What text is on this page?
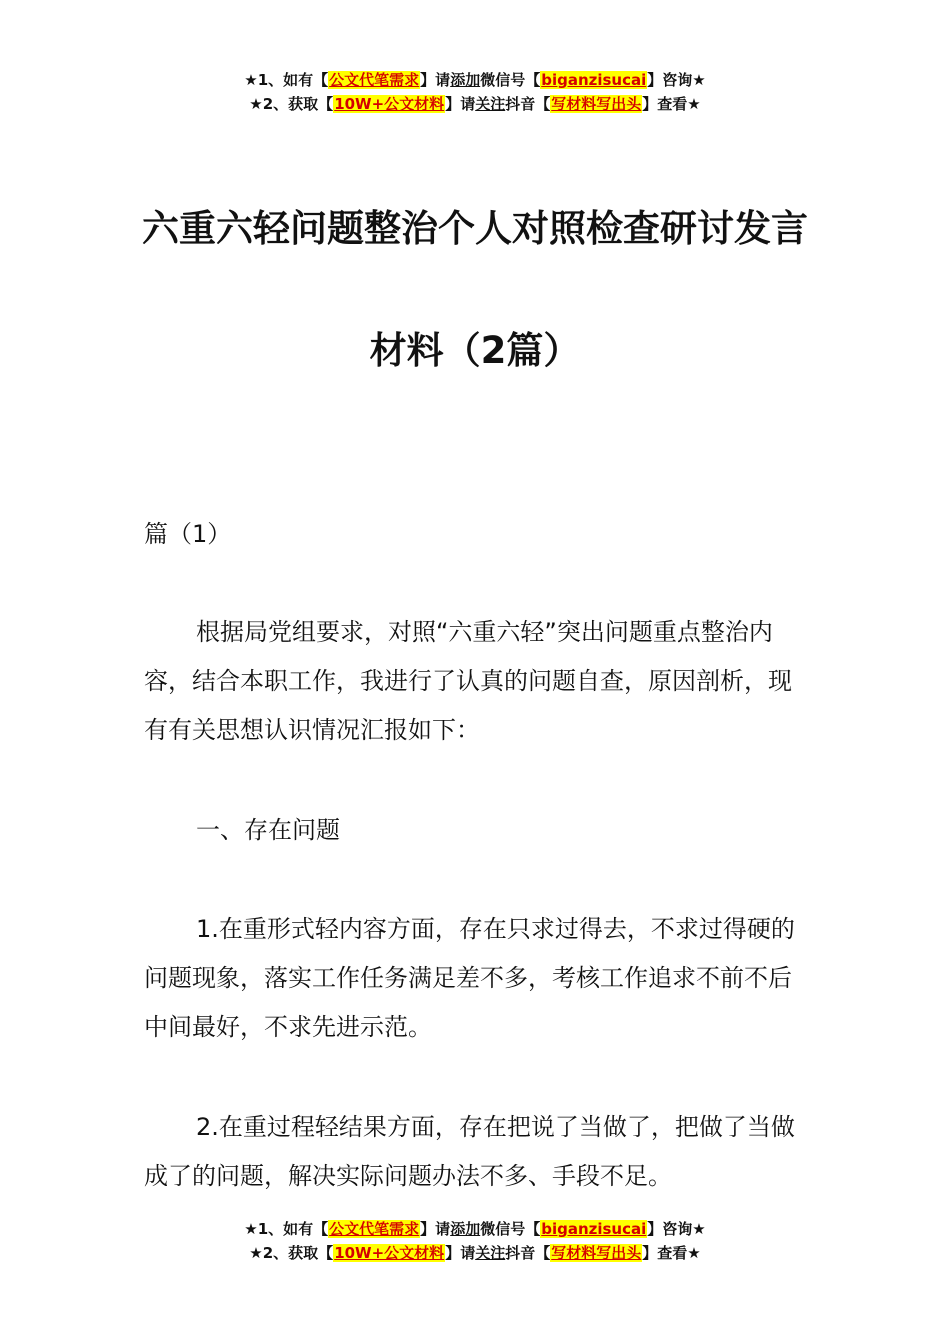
★1、如有【公文代笔需求】请添加微信号【biganzisucai】咨询★
★2、获取【10W+公文材料】请关注抖音【写材料写出头】查看★
六重六轻问题整治个人对照检查研讨发言
材料（2篇）

篇（1）

根据局党组要求，对照“六重六轻”突出问题重点整治内容，结合本职工作，我进行了认真的问题自查，原因剖析，现有有关思想认识情况汇报如下：

一、存在问题

1.在重形式轻内容方面，存在只求过得去，不求过得硬的问题现象，落实工作任务满足差不多，考核工作追求不前不后中间最好，不求先进示范。

2.在重过程轻结果方面，存在把说了当做了，把做了当做成了的问题，解决实际问题办法不多、手段不足。

★1、如有【公文代笔需求】请添加微信号【biganzisucai】咨询★
★2、获取【10W+公文材料】请关注抖音【写材料写出头】查看★
